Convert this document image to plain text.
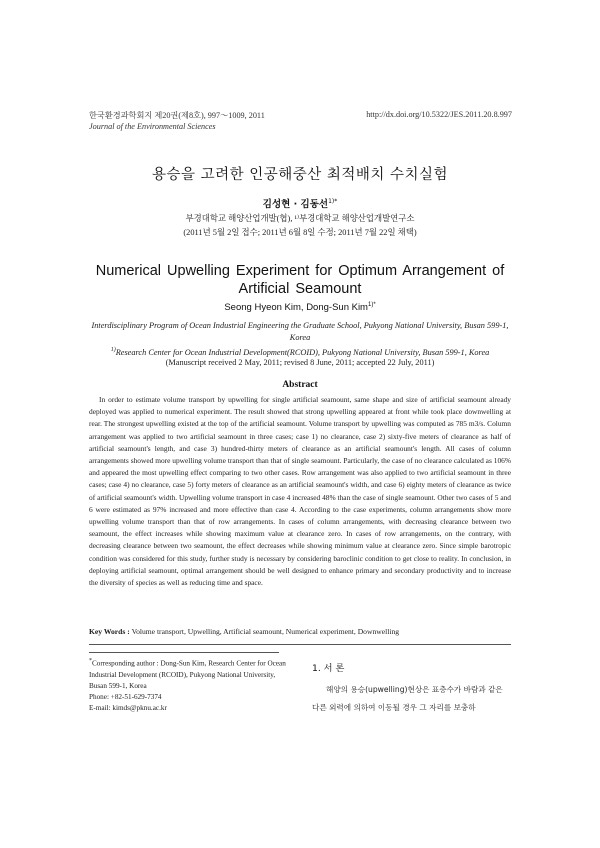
한국환경과학회지 제20권(제8호), 997～1009, 2011
Journal of the Environmental Sciences
http://dx.doi.org/10.5322/JES.2011.20.8.997
용승을 고려한 인공해중산 최적배치 수치실험
김성현 · 김동선$^{1)*}$
부경대학교 해양산업개발(협), ¹⁾부경대학교 해양산업개발연구소
(2011년 5월 2일 접수; 2011년 6월 8일 수정; 2011년 7월 22일 채택)
Numerical Upwelling Experiment for Optimum Arrangement of Artificial Seamount
Seong Hyeon Kim, Dong-Sun Kim$^{1)*}$

Interdisciplinary Program of Ocean Industrial Engineering the Graduate School, Pukyong National University, Busan 599-1, Korea

$^{1)}$Research Center for Ocean Industrial Development(RCOID), Pukyong National University, Busan 599-1, Korea

(Manuscript received 2 May, 2011; revised 8 June, 2011; accepted 22 July, 2011)
Abstract
In order to estimate volume transport by upwelling for single artificial seamount, same shape and size of artificial seamount already deployed was applied to numerical experiment. The result showed that strong upwelling appeared at front while took place downwelling at rear. The strongest upwelling existed at the top of the artificial seamount. Volume transport by upwelling was computed as 785 m3/s. Column arrangement was applied to two artificial seamount in three cases; case 1) no clearance, case 2) sixty-five meters of clearance as half of artificial seamount's length, and case 3) hundred-thirty meters of clearance as an artificial seamount's length. All cases of column arrangements showed more upwelling volume transport than that of single seamount. Particularly, the case of no clearance calculated as 106% and appeared the most upwelling effect comparing to two other cases. Row arrangement was also applied to two artificial seamount in three cases; case 4) no clearance, case 5) forty meters of clearance as an artificial seamount's width, and case 6) eighty meters of clearance as twice of artificial seamount's width. Upwelling volume transport in case 4 increased 48% than the case of single seamount. Other two cases of 5 and 6 were estimated as 97% increased and more effective than case 4. According to the case experiments, column arrangements show more upwelling volume transport than that of row arrangements. In cases of column arrangements, with decreasing clearance between two seamount, the effect increases while showing maximum value at clearance zero. In cases of row arrangements, on the contrary, with decreasing clearance between two seamount, the effect decreases while showing minimum value at clearance zero. Since simple barotropic condition was considered for this study, further study is necessary by considering baroclinic condition to get close to reality. In conclusion, in deploying artificial seamount, optimal arrangement should be well designed to enhance primary and secondary productivity and to increase the diversity of species as well as reducing time and space.
Key Words : Volume transport, Upwelling, Artificial seamount, Numerical experiment, Downwelling

*Corresponding author : Dong-Sun Kim, Research Center for Ocean Industrial Development (RCOID), Pukyong National University, Busan 599-1, Korea

Phone: +82-51-629-7374

E-mail: kimds@pknu.ac.kr

1. 서 론

해양의 용승(upwelling)현상은 표층수가 바람과 같은 다른 외력에 의하여 이동될 경우 그 자리를 보충하
